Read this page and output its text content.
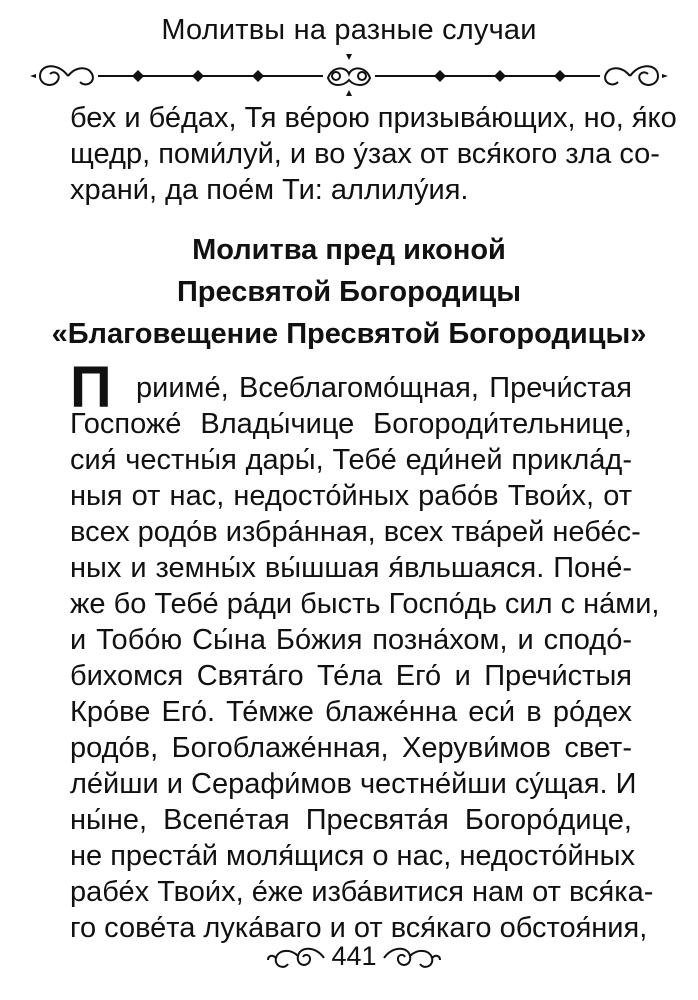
Молитвы на разные случаи
бех и бе́дах, Тя ве́рою призыва́ющих, но, я́ко
щедр, поми́луй, и во у́зах от вся́кого зла со-
храни́, да пое́м Ти: аллилу́ия.
Молитва пред иконой
Пресвятой Богородицы
«Благовещение Пресвятой Богородицы»
П рииме́, Всеблагомо́щная, Пречи́стая
Госпоже́ Влады́чице Богороди́тельнице,
сия́ честны́я дары́, Тебе́ еди́ней прикла́д-
ныя от нас, недосто́йных рабо́в Твои́х, от
всех родо́в избра́нная, всех тва́рей небе́с-
ных и земны́х вы́шшая я́вльшаяся. Поне́-
же бо Тебе́ ра́ди бысть Госпо́дь сил с на́ми,
и Тобо́ю Сы́на Бо́жия позна́хом, и сподо́-
бихомся Свята́го Те́ла Его́ и Пречи́стыя
Кро́ве Его́. Те́мже блаже́нна еси́ в ро́дех
родо́в, Богоблаже́нная, Херуви́мов свет-
ле́йши и Серафи́мов честне́йши су́щая. И
ны́не, Всепе́тая Пресвята́я Богоро́дице,
не преста́й моля́щися о нас, недосто́йных
рабе́х Твои́х, е́же изба́витися нам от вся́ка-
го сове́та лука́ваго и от вся́каго обстоя́ния,
441
